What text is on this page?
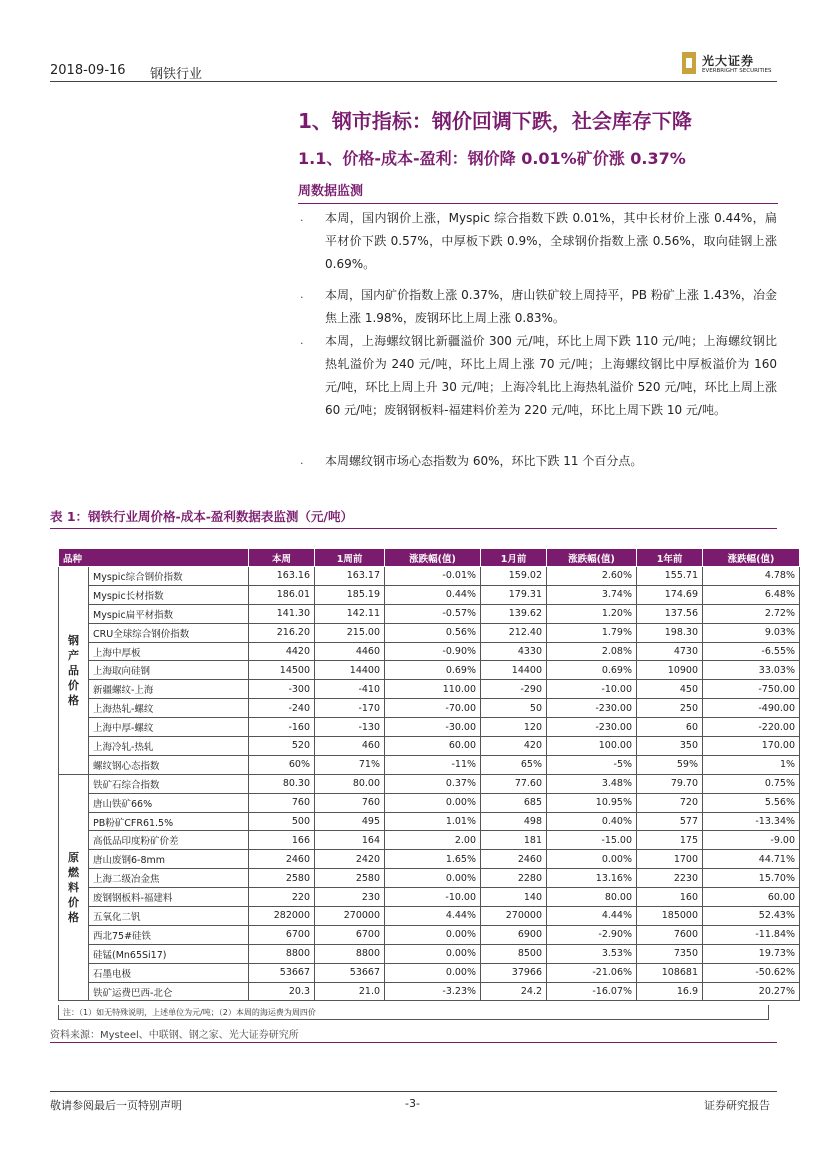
2018-09-16 钢铁行业
光大证券
EVERBRIGHT SECURITIES
1、钢市指标：钢价回调下跌，社会库存下降
1.1、价格-成本-盈利：钢价降 0.01%矿价涨 0.37%
周数据监测
· 本周，国内钢价上涨，Myspic 综合指数下跌 0.01%，其中长材价上涨 0.44%，扁平材价下跌 0.57%，中厚板下跌 0.9%，全球钢价指数上涨 0.56%，取向硅钢上涨 0.69%。
· 本周，国内矿价指数上涨 0.37%，唐山铁矿较上周持平，PB 粉矿上涨 1.43%，冶金焦上涨 1.98%，废钢环比上周上涨 0.83%。
· 本周，上海螺纹钢比新疆溢价 300 元/吨，环比上周下跌 110 元/吨；上海螺纹钢比热轧溢价为 240 元/吨，环比上周上涨 70 元/吨；上海螺纹钢比中厚板溢价为 160 元/吨，环比上周上升 30 元/吨；上海冷轧比上海热轧溢价 520 元/吨，环比上周上涨 60 元/吨；废钢钢板料-福建料价差为 220 元/吨，环比上周下跌 10 元/吨。
· 本周螺纹钢市场心态指数为 60%，环比下跌 11 个百分点。
表 1：钢铁行业周价格-成本-盈利数据表监测（元/吨）
品种		本周	1周前	涨跌幅(值)	1月前	涨跌幅(值)	1年前	涨跌幅(值)
钢产品价格	Myspic综合钢价指数	163.16	163.17	-0.01%	159.02	2.60%	155.71	4.78%
	Myspic长材指数	186.01	185.19	0.44%	179.31	3.74%	174.69	6.48%
	Myspic扁平材指数	141.30	142.11	-0.57%	139.62	1.20%	137.56	2.72%
	CRU全球综合钢价指数	216.20	215.00	0.56%	212.40	1.79%	198.30	9.03%
	上海中厚板	4420	4460	-0.90%	4330	2.08%	4730	-6.55%
	上海取向硅钢	14500	14400	0.69%	14400	0.69%	10900	33.03%
	新疆螺纹-上海	-300	-410	110.00	-290	-10.00	450	-750.00
	上海热轧-螺纹	-240	-170	-70.00	50	-230.00	250	-490.00
	上海中厚-螺纹	-160	-130	-30.00	120	-230.00	60	-220.00
	上海冷轧-热轧	520	460	60.00	420	100.00	350	170.00
	螺纹钢心态指数	60%	71%	-11%	65%	-5%	59%	1%
原燃料价格	铁矿石综合指数	80.30	80.00	0.37%	77.60	3.48%	79.70	0.75%
	唐山铁矿66%	760	760	0.00%	685	10.95%	720	5.56%
	PB粉矿CFR61.5%	500	495	1.01%	498	0.40%	577	-13.34%
	高低品印度粉矿价差	166	164	2.00	181	-15.00	175	-9.00
	唐山废钢6-8mm	2460	2420	1.65%	2460	0.00%	1700	44.71%
	上海二级冶金焦	2580	2580	0.00%	2280	13.16%	2230	15.70%
	废钢钢板料-福建料	220	230	-10.00	140	80.00	160	60.00
	五氧化二钒	282000	270000	4.44%	270000	4.44%	185000	52.43%
	西北75#硅铁	6700	6700	0.00%	6900	-2.90%	7600	-11.84%
	硅锰(Mn65Si17)	8800	8800	0.00%	8500	3.53%	7350	19.73%
	石墨电极	53667	53667	0.00%	37966	-21.06%	108681	-50.62%
	铁矿运费巴西-北仑	20.3	21.0	-3.23%	24.2	-16.07%	16.9	20.27%
注：（1）如无特殊说明，上述单位为元/吨；（2）本周的海运费为周四价
资料来源：Mysteel、中联钢、钢之家、光大证券研究所
敬请参阅最后一页特别声明	-3-	证券研究报告
